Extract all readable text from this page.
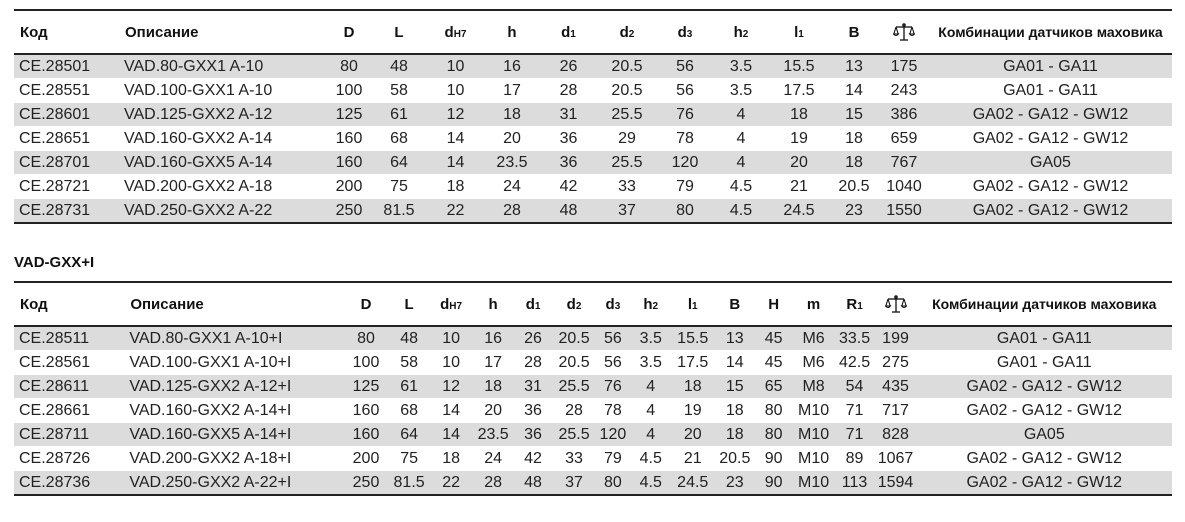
Код	Описание	D	L	dH7	h	d1	d2	d3	h2	l1	B		Комбинации датчиков маховика
CE.28501	VAD.80-GXX1 A-10	80	48	10	16	26	20.5	56	3.5	15.5	13	175	GA01 - GA11
CE.28551	VAD.100-GXX1 A-10	100	58	10	17	28	20.5	56	3.5	17.5	14	243	GA01 - GA11
CE.28601	VAD.125-GXX2 A-12	125	61	12	18	31	25.5	76	4	18	15	386	GA02 - GA12 - GW12
CE.28651	VAD.160-GXX2 A-14	160	68	14	20	36	29	78	4	19	18	659	GA02 - GA12 - GW12
CE.28701	VAD.160-GXX5 A-14	160	64	14	23.5	36	25.5	120	4	20	18	767	GA05
CE.28721	VAD.200-GXX2 A-18	200	75	18	24	42	33	79	4.5	21	20.5	1040	GA02 - GA12 - GW12
CE.28731	VAD.250-GXX2 A-22	250	81.5	22	28	48	37	80	4.5	24.5	23	1550	GA02 - GA12 - GW12
VAD-GXX+I
Код	Описание	D	L	dH7	h	d1	d2	d3	h2	l1	B	H	m	R1		Комбинации датчиков маховика
CE.28511	VAD.80-GXX1 A-10+I	80	48	10	16	26	20.5	56	3.5	15.5	13	45	M6	33.5	199	GA01 - GA11
CE.28561	VAD.100-GXX1 A-10+I	100	58	10	17	28	20.5	56	3.5	17.5	14	45	M6	42.5	275	GA01 - GA11
CE.28611	VAD.125-GXX2 A-12+I	125	61	12	18	31	25.5	76	4	18	15	65	M8	54	435	GA02 - GA12 - GW12
CE.28661	VAD.160-GXX2 A-14+I	160	68	14	20	36	28	78	4	19	18	80	M10	71	717	GA02 - GA12 - GW12
CE.28711	VAD.160-GXX5 A-14+I	160	64	14	23.5	36	25.5	120	4	20	18	80	M10	71	828	GA05
CE.28726	VAD.200-GXX2 A-18+I	200	75	18	24	42	33	79	4.5	21	20.5	90	M10	89	1067	GA02 - GA12 - GW12
CE.28736	VAD.250-GXX2 A-22+I	250	81.5	22	28	48	37	80	4.5	24.5	23	90	M10	113	1594	GA02 - GA12 - GW12
